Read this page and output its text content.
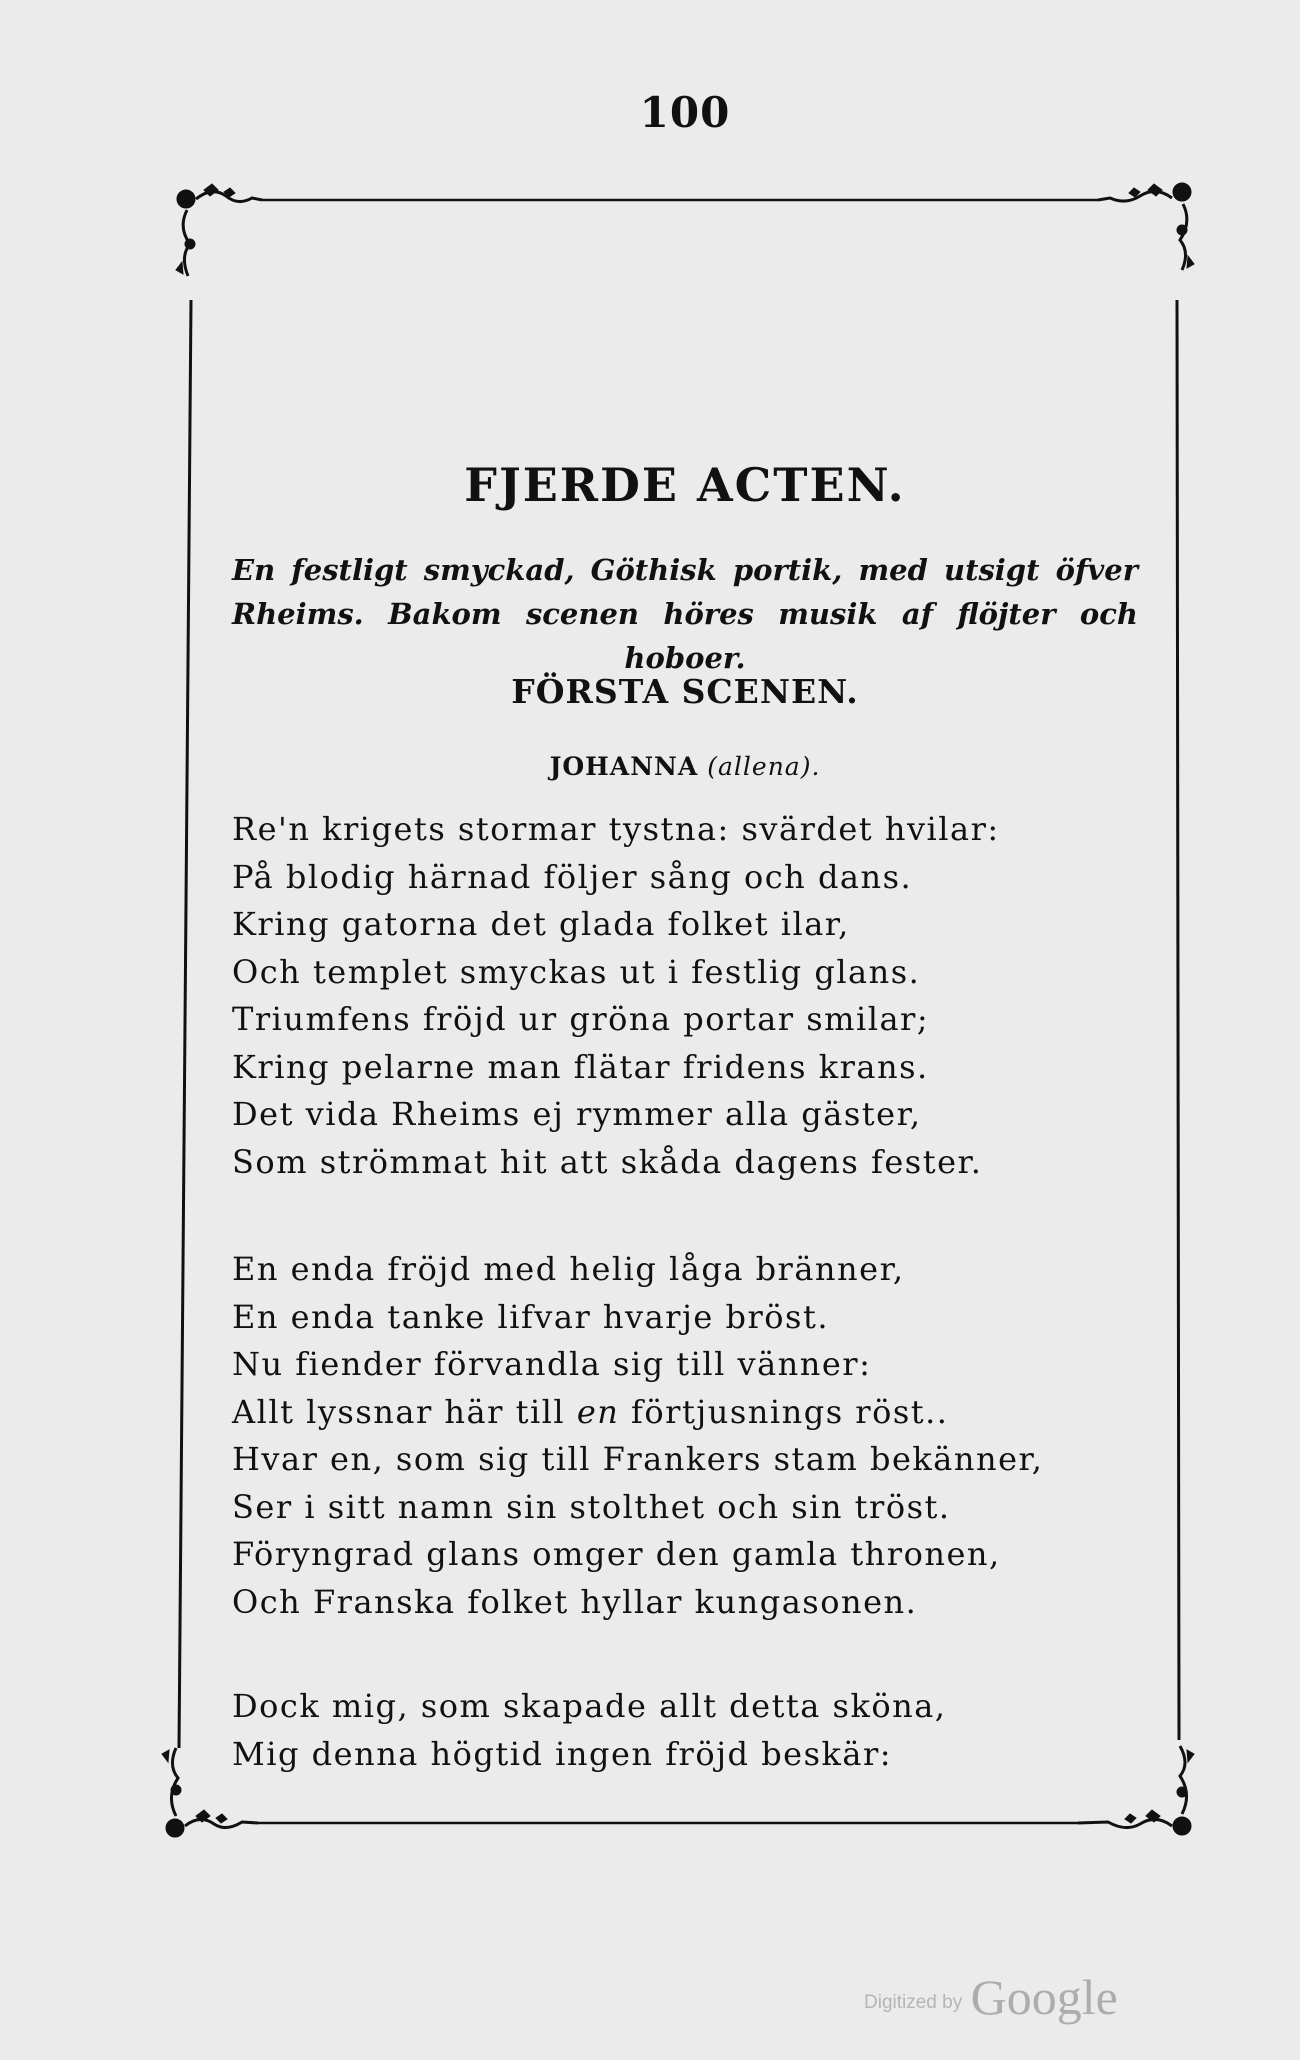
100
FJERDE ACTEN.
En festligt smyckad, Göthisk portik, med utsigt öfver Rheims. Bakom scenen höres musik af flöjter och hoboer.
FÖRSTA SCENEN.
JOHANNA (allena).
Re'n krigets stormar tystna: svärdet hvilar:
På blodig härnad följer sång och dans.
Kring gatorna det glada folket ilar,
Och templet smyckas ut i festlig glans.
Triumfens fröjd ur gröna portar smilar;
Kring pelarne man flätar fridens krans.
Det vida Rheims ej rymmer alla gäster,
Som strömmat hit att skåda dagens fester.
En enda fröjd med helig låga bränner,
En enda tanke lifvar hvarje bröst.
Nu fiender förvandla sig till vänner:
Allt lyssnar här till en förtjusnings röst..
Hvar en, som sig till Frankers stam bekänner,
Ser i sitt namn sin stolthet och sin tröst.
Föryngrad glans omger den gamla thronen,
Och Franska folket hyllar kungasonen.
Dock mig, som skapade allt detta sköna,
Mig denna högtid ingen fröjd beskär:
Digitized by Google
